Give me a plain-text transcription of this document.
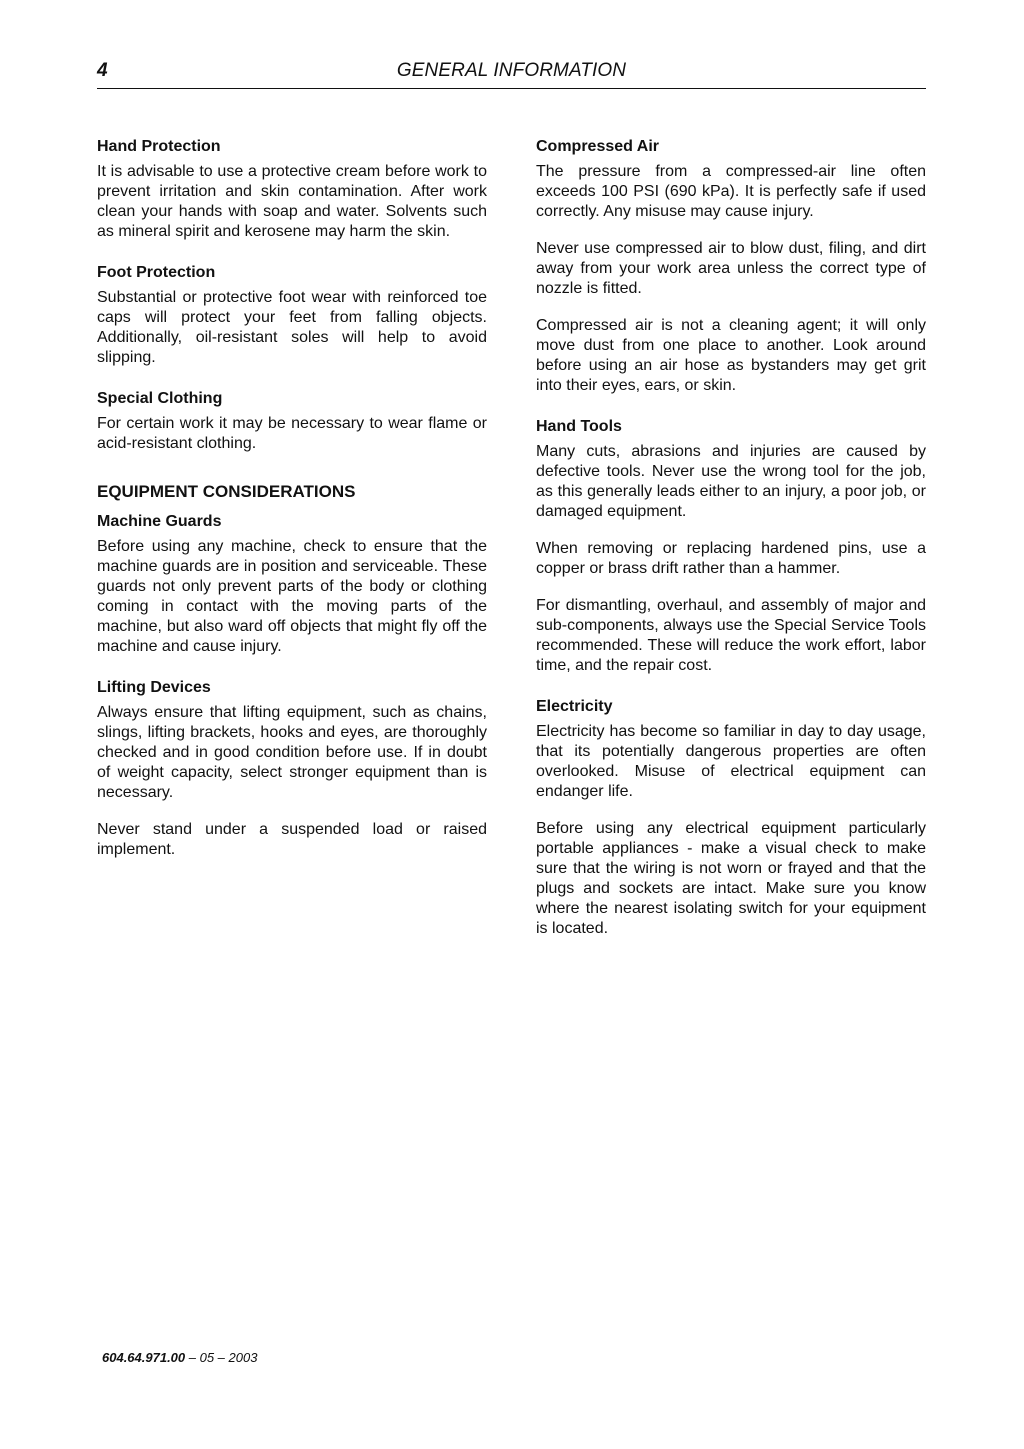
4	GENERAL INFORMATION
Hand Protection

It is advisable to use a protective cream before work to prevent irritation and skin contamination. After work clean your hands with soap and water. Solvents such as mineral spirit and kerosene may harm the skin.

Foot Protection

Substantial or protective foot wear with reinforced toe caps will protect your feet from falling objects. Additionally, oil-resistant soles will help to avoid slipping.

Special Clothing

For certain work it may be necessary to wear flame or acid-resistant clothing.

EQUIPMENT CONSIDERATIONS
Machine Guards

Before using any machine, check to ensure that the machine guards are in position and serviceable. These guards not only prevent parts of the body or clothing coming in contact with the moving parts of the machine, but also ward off objects that might fly off the machine and cause injury.

Lifting Devices

Always ensure that lifting equipment, such as chains, slings, lifting brackets, hooks and eyes, are thoroughly checked and in good condition before use. If in doubt of weight capacity, select stronger equipment than is necessary.

Never stand under a suspended load or raised implement.

Compressed Air

The pressure from a compressed-air line often exceeds 100 PSI (690 kPa). It is perfectly safe if used correctly. Any misuse may cause injury.

Never use compressed air to blow dust, filing, and dirt away from your work area unless the correct type of nozzle is fitted.

Compressed air is not a cleaning agent; it will only move dust from one place to another. Look around before using an air hose as bystanders may get grit into their eyes, ears, or skin.

Hand Tools

Many cuts, abrasions and injuries are caused by defective tools. Never use the wrong tool for the job, as this generally leads either to an injury, a poor job, or damaged equipment.

When removing or replacing hardened pins, use a copper or brass drift rather than a hammer.

For dismantling, overhaul, and assembly of major and sub-components, always use the Special Service Tools recommended. These will reduce the work effort, labor time, and the repair cost.

Electricity

Electricity has become so familiar in day to day usage, that its potentially dangerous properties are often overlooked. Misuse of electrical equipment can endanger life.

Before using any electrical equipment particularly portable appliances - make a visual check to make sure that the wiring is not worn or frayed and that the plugs and sockets are intact. Make sure you know where the nearest isolating switch for your equipment is located.

604.64.971.00 – 05 – 2003
